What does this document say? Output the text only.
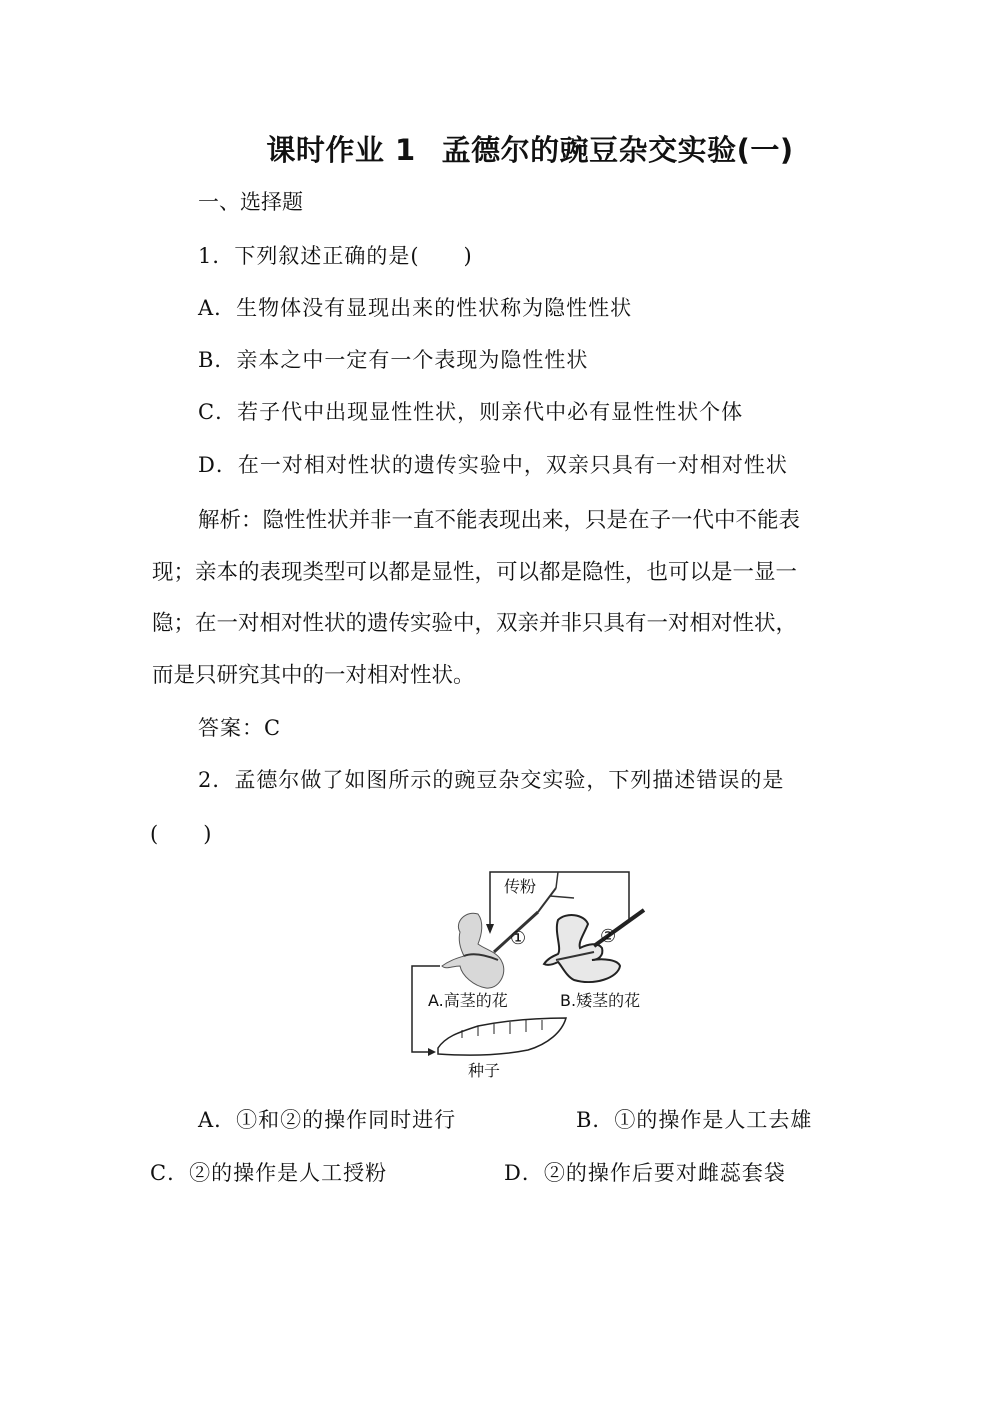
课时作业 1 孟德尔的豌豆杂交实验(一)
一、选择题
1．下列叙述正确的是(　　)
A．生物体没有显现出来的性状称为隐性性状
B．亲本之中一定有一个表现为隐性性状
C．若子代中出现显性性状，则亲代中必有显性性状个体
D．在一对相对性状的遗传实验中，双亲只具有一对相对性状
解析：隐性性状并非一直不能表现出来，只是在子一代中不能表
现；亲本的表现类型可以都是显性，可以都是隐性，也可以是一显一
隐；在一对相对性状的遗传实验中，双亲并非只具有一对相对性状，
而是只研究其中的一对相对性状。
答案：C
2．孟德尔做了如图所示的豌豆杂交实验，下列描述错误的是
(　　)
传粉
①	②
A.高茎的花	B.矮茎的花
种子
A．①和②的操作同时进行	B．①的操作是人工去雄
C．②的操作是人工授粉	D．②的操作后要对雌蕊套袋
